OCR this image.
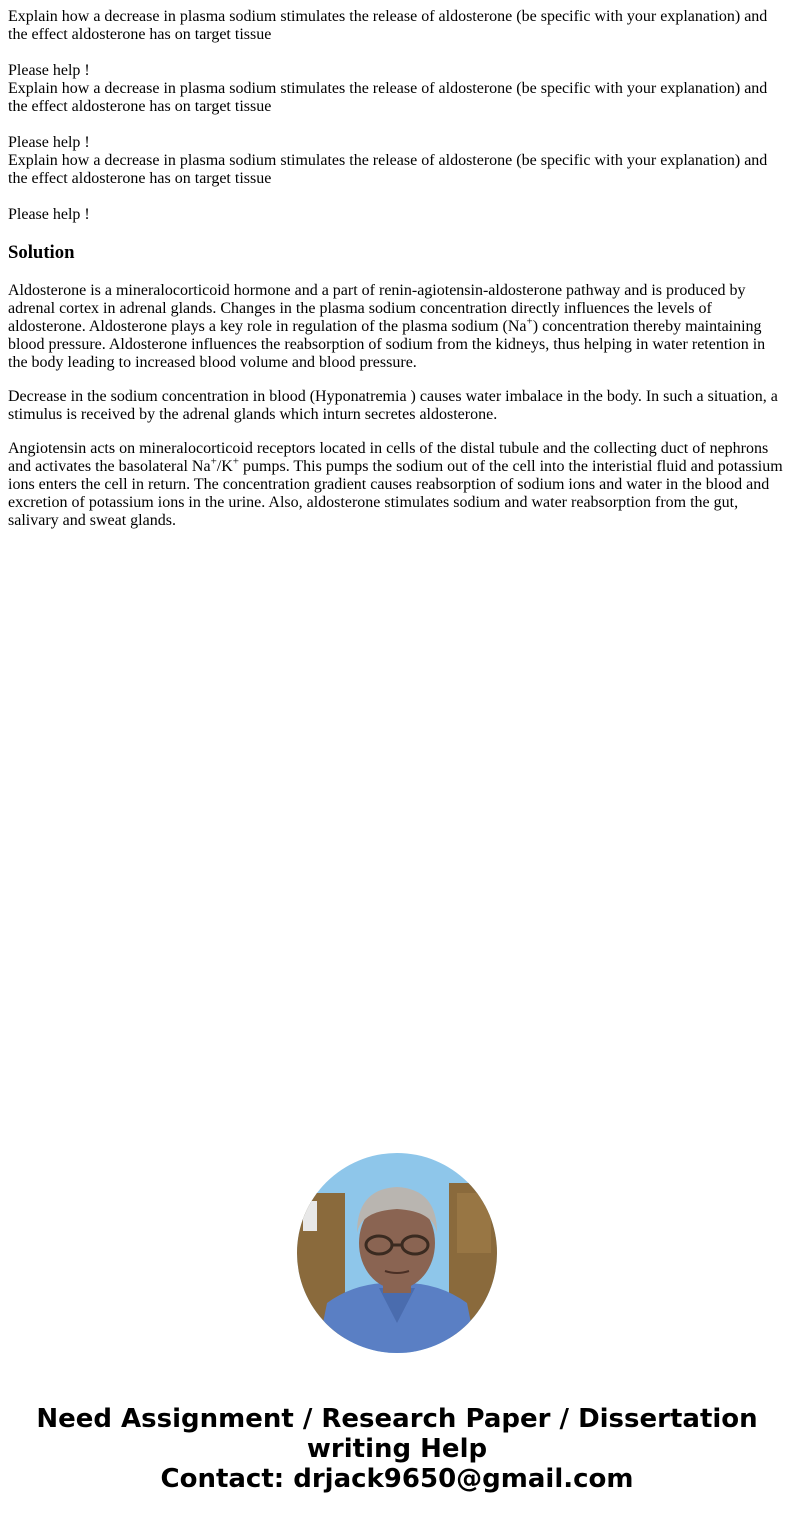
Explain how a decrease in plasma sodium stimulates the release of aldosterone (be specific with your explanation) and the effect aldosterone has on target tissue

Please help !

Explain how a decrease in plasma sodium stimulates the release of aldosterone (be specific with your explanation) and the effect aldosterone has on target tissue

Please help !

Explain how a decrease in plasma sodium stimulates the release of aldosterone (be specific with your explanation) and the effect aldosterone has on target tissue

Please help !

Solution

Aldosterone is a mineralocorticoid hormone and a part of renin-agiotensin-aldosterone pathway and is produced by adrenal cortex in adrenal glands. Changes in the plasma sodium concentration directly influences the levels of aldosterone. Aldosterone plays a key role in regulation of the plasma sodium (Na+) concentration thereby maintaining blood pressure. Aldosterone influences the reabsorption of sodium from the kidneys, thus helping in water retention in the body leading to increased blood volume and blood pressure.

Decrease in the sodium concentration in blood (Hyponatremia ) causes water imbalace in the body. In such a situation, a stimulus is received by the adrenal glands which inturn secretes aldosterone.

Angiotensin acts on mineralocorticoid receptors located in cells of the distal tubule and the collecting duct of nephrons and activates the basolateral Na+/K+ pumps. This pumps the sodium out of the cell into the interistial fluid and potassium ions enters the cell in return. The concentration gradient causes reabsorption of sodium ions and water in the blood and excretion of potassium ions in the urine. Also, aldosterone stimulates sodium and water reabsorption from the gut, salivary and sweat glands.

Need Assignment / Research Paper / Dissertation
writing Help
Contact: drjack9650@gmail.com
